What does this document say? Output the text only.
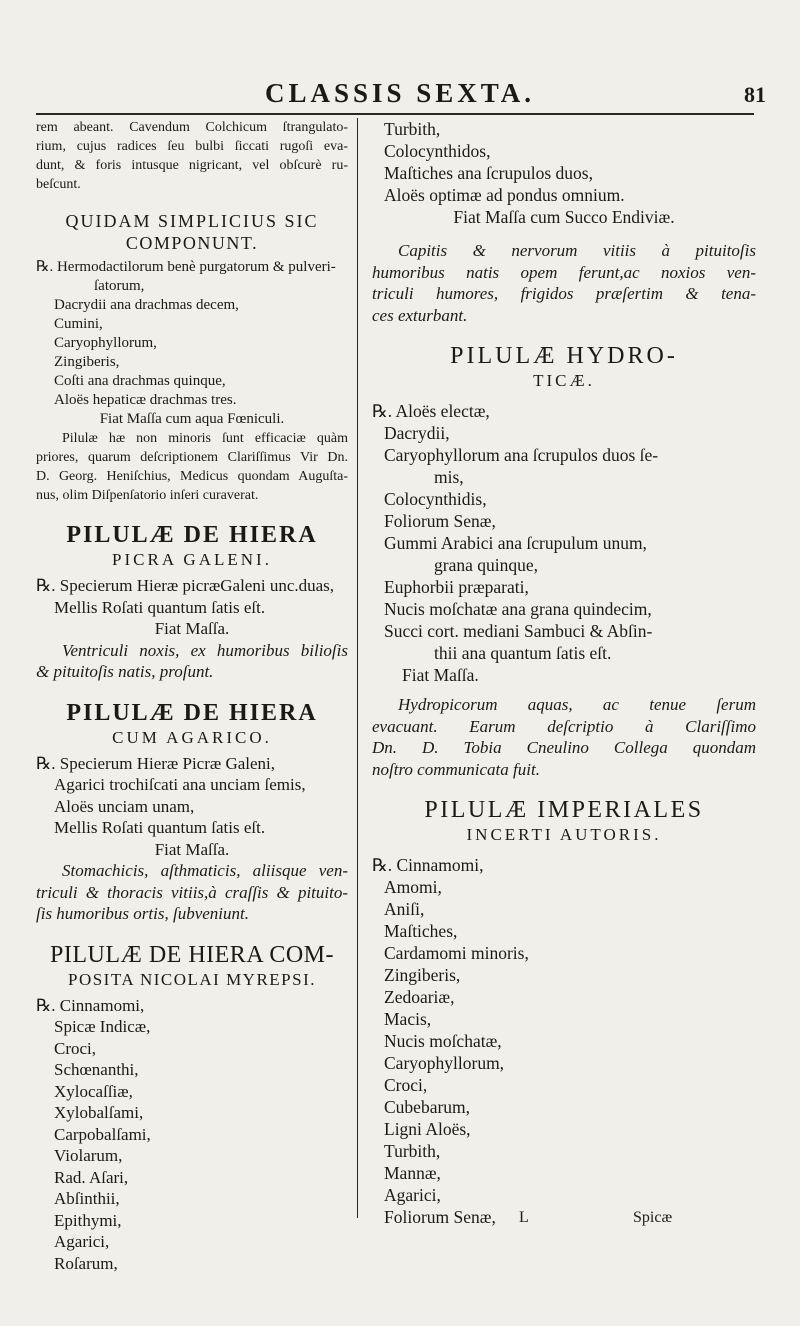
CLASSIS SEXTA.	81
rem abeant. Cavendum Colchicum ſtrangulato-
rium, cujus radices ſeu bulbi ſiccati rugoſi eva-
dunt, & foris intusque nigricant, vel obſcurè ru-
beſcunt.
QUIDAM SIMPLICIUS SIC
COMPONUNT.
℞. Hermodactilorum benè purgatorum & pulveri-
ſatorum,
Dacrydii ana drachmas decem,
Cumini,
Caryophyllorum,
Zingiberis,
Coſti ana drachmas quinque,
Aloës hepaticæ drachmas tres.
Fiat Maſſa cum aqua Fœniculi.
Pilulæ hæ non minoris ſunt efficaciæ quàm
priores, quarum deſcriptionem Clariſſimus Vir Dn.
D. Georg. Heniſchius, Medicus quondam Auguſta-
nus, olim Diſpenſatorio inſeri curaverat.
PILULÆ DE HIERA
PICRA GALENI.
℞. Specierum Hieræ picræGaleni unc.duas,
Mellis Roſati quantum ſatis eſt.
Fiat Maſſa.
Ventriculi noxis, ex humoribus bilioſis
& pituitoſis natis, proſunt.
PILULÆ DE HIERA
CUM AGARICO.
℞. Specierum Hieræ Picræ Galeni,
Agarici trochiſcati ana unciam ſemis,
Aloës unciam unam,
Mellis Roſati quantum ſatis eſt.
Fiat Maſſa.
Stomachicis, aſthmaticis, aliisque ven-
triculi & thoracis vitiis,à craſſis & pituito-
ſis humoribus ortis, ſubveniunt.
PILULÆ DE HIERA COM-
POSITA NICOLAI MYREPSI.
℞. Cinnamomi,
Spicæ Indicæ,
Croci,
Schœnanthi,
Xylocaſſiæ,
Xylobalſami,
Carpobalſami,
Violarum,
Rad. Aſari,
Abſinthii,
Epithymi,
Agarici,
Roſarum,
Turbith,
Colocynthidos,
Maſtiches ana ſcrupulos duos,
Aloës optimæ ad pondus omnium.
Fiat Maſſa cum Succo Endiviæ.
Capitis & nervorum vitiis à pituitoſis
humoribus natis opem ferunt,ac noxios ven-
triculi humores, frigidos præſertim & tena-
ces exturbant.
PILULÆ HYDRO-
TICÆ.
℞. Aloës electæ,
Dacrydii,
Caryophyllorum ana ſcrupulos duos ſe-
mis,
Colocynthidis,
Foliorum Senæ,
Gummi Arabici ana ſcrupulum unum,
grana quinque,
Euphorbii præparati,
Nucis moſchatæ ana grana quindecim,
Succi cort. mediani Sambuci & Abſin-
thii ana quantum ſatis eſt.
Fiat Maſſa.
Hydropicorum aquas, ac tenue ſerum
evacuant. Earum deſcriptio à Clariſſimo
Dn. D. Tobia Cneulino Collega quondam
noſtro communicata fuit.
PILULÆ IMPERIALES
INCERTI AUTORIS.
℞. Cinnamomi,
Amomi,
Aniſi,
Maſtiches,
Cardamomi minoris,
Zingiberis,
Zedoariæ,
Macis,
Nucis moſchatæ,
Caryophyllorum,
Croci,
Cubebarum,
Ligni Aloës,
Turbith,
Mannæ,
Agarici,
Foliorum Senæ,	L	Spicæ
